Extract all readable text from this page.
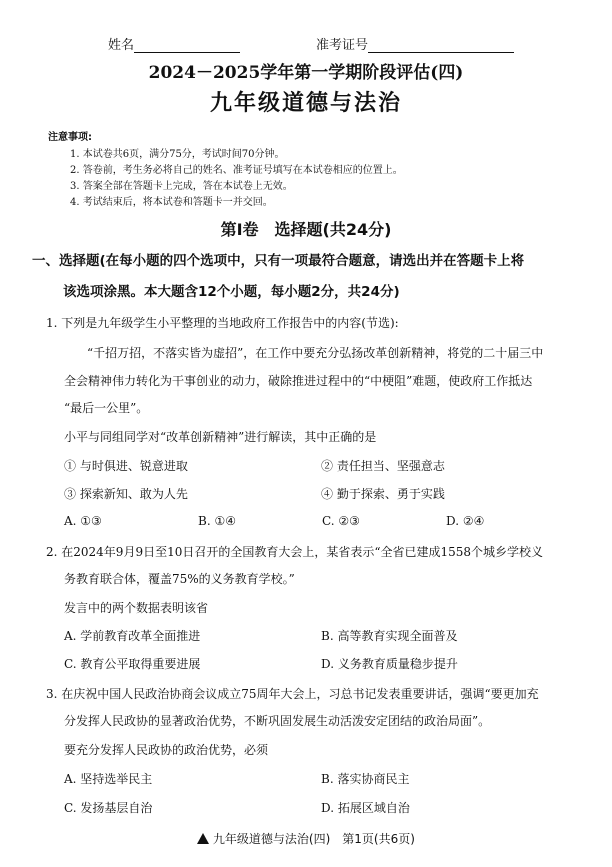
姓名	准考证号
2024－2025学年第一学期阶段评估(四)
九年级道德与法治
注意事项:
1. 本试卷共6页，满分75分，考试时间70分钟。
2. 答卷前，考生务必将自己的姓名、准考证号填写在本试卷相应的位置上。
3. 答案全部在答题卡上完成，答在本试卷上无效。
4. 考试结束后，将本试卷和答题卡一并交回。
第Ⅰ卷　选择题(共24分)
一、选择题(在每小题的四个选项中，只有一项最符合题意，请选出并在答题卡上将
该选项涂黑。本大题含12个小题，每小题2分，共24分)
1. 下列是九年级学生小平整理的当地政府工作报告中的内容(节选):
“千招万招，不落实皆为虚招”，在工作中要充分弘扬改革创新精神，将党的二十届三中
全会精神伟力转化为干事创业的动力，破除推进过程中的“中梗阻”难题，使政府工作抵达
“最后一公里”。
小平与同组同学对“改革创新精神”进行解读，其中正确的是
① 与时俱进、锐意进取	② 责任担当、坚强意志
③ 探索新知、敢为人先	④ 勤于探索、勇于实践
A. ①③	B. ①④	C. ②③	D. ②④
2. 在2024年9月9日至10日召开的全国教育大会上，某省表示“全省已建成1558个城乡学校义
务教育联合体，覆盖75%的义务教育学校。”
发言中的两个数据表明该省
A. 学前教育改革全面推进	B. 高等教育实现全面普及
C. 教育公平取得重要进展	D. 义务教育质量稳步提升
3. 在庆祝中国人民政治协商会议成立75周年大会上，习总书记发表重要讲话，强调“要更加充
分发挥人民政协的显著政治优势，不断巩固发展生动活泼安定团结的政治局面”。
要充分发挥人民政协的政治优势，必须
A. 坚持选举民主	B. 落实协商民主
C. 发扬基层自治	D. 拓展区域自治
九年级道德与法治(四)　第1页(共6页)
